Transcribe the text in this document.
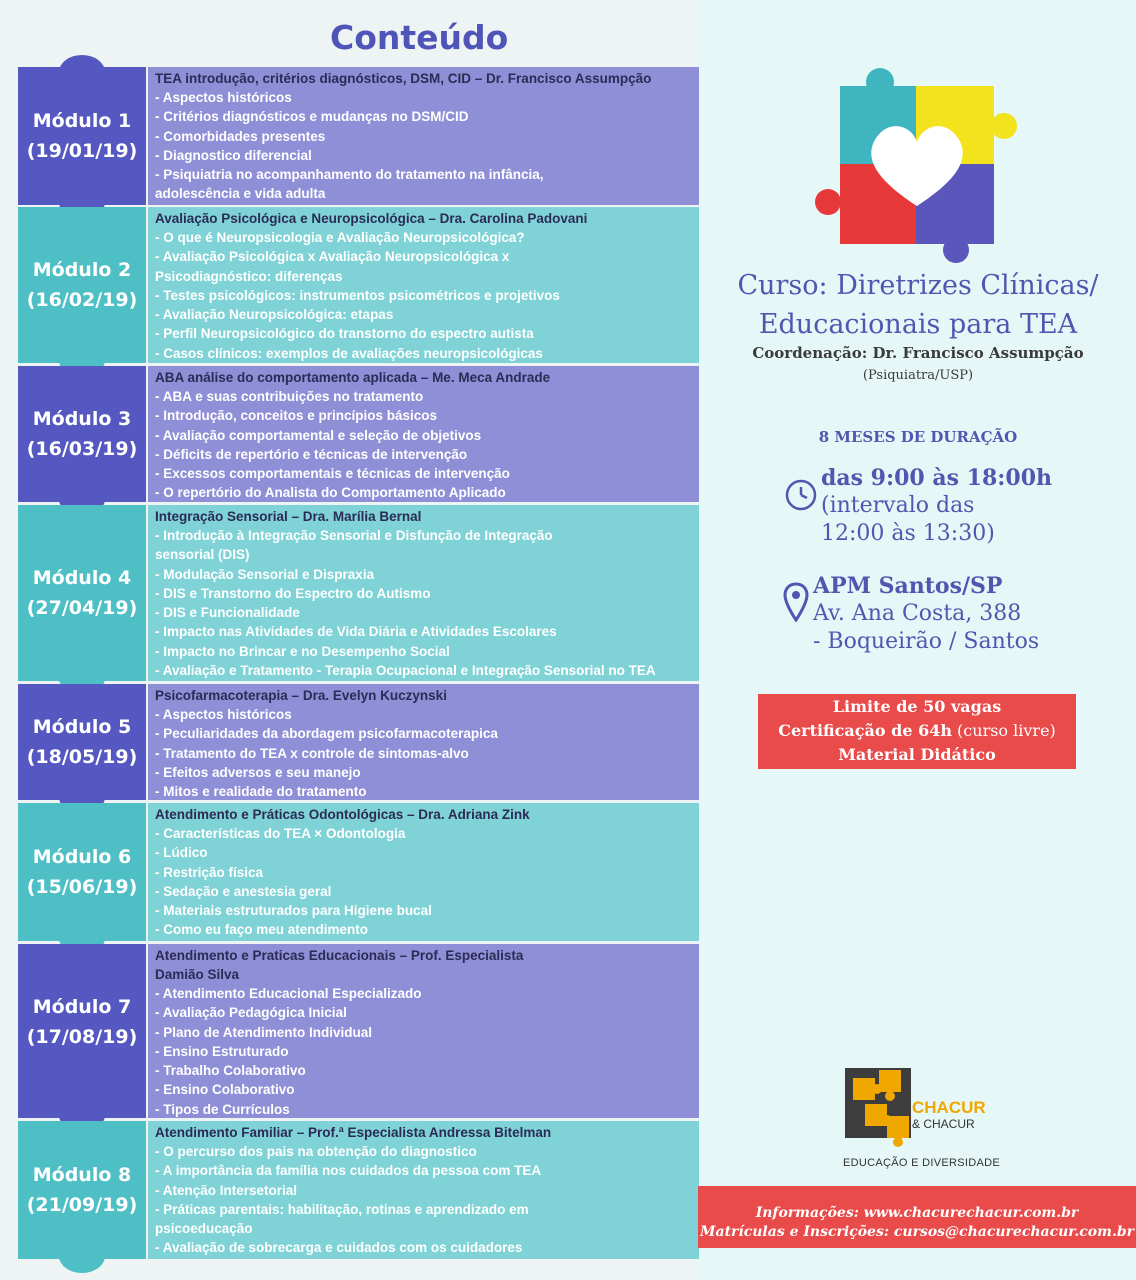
Conteúdo
Módulo 1
(19/01/19)
TEA introdução, critérios diagnósticos, DSM, CID – Dr. Francisco Assumpção
- Aspectos históricos
- Critérios diagnósticos e mudanças no DSM/CID
- Comorbidades presentes
- Diagnostico diferencial
- Psiquiatria no acompanhamento do tratamento na infância,
adolescência e vida adulta
Módulo 2
(16/02/19)
Avaliação Psicológica e Neuropsicológica – Dra. Carolina Padovani
- O que é Neuropsicologia e Avaliação Neuropsicológica?
- Avaliação Psicológica x Avaliação Neuropsicológica x
Psicodiagnóstico: diferenças
- Testes psicológicos: instrumentos psicométricos e projetivos
- Avaliação Neuropsicológica: etapas
- Perfil Neuropsicológico do transtorno do espectro autista
- Casos clínicos: exemplos de avaliações neuropsicológicas
Módulo 3
(16/03/19)
ABA análise do comportamento aplicada – Me. Meca Andrade
- ABA e suas contribuições no tratamento
- Introdução, conceitos e princípios básicos
- Avaliação comportamental e seleção de objetivos
- Déficits de repertório e técnicas de intervenção
- Excessos comportamentais e técnicas de intervenção
- O repertório do Analista do Comportamento Aplicado
Módulo 4
(27/04/19)
Integração Sensorial – Dra. Marília Bernal
- Introdução à Integração Sensorial e Disfunção de Integração
sensorial (DIS)
- Modulação Sensorial e Dispraxia
- DIS e Transtorno do Espectro do Autismo
- DIS e Funcionalidade
- Impacto nas Atividades de Vida Diária e Atividades Escolares
- Impacto no Brincar e no Desempenho Social
- Avaliação e Tratamento - Terapia Ocupacional e Integração Sensorial no TEA
Módulo 5
(18/05/19)
Psicofarmacoterapia – Dra. Evelyn Kuczynski
- Aspectos históricos
- Peculiaridades da abordagem psicofarmacoterapica
- Tratamento do TEA x controle de sintomas-alvo
- Efeitos adversos e seu manejo
- Mitos e realidade do tratamento
Módulo 6
(15/06/19)
Atendimento e Práticas Odontológicas – Dra. Adriana Zink
- Características do TEA × Odontologia
- Lúdico
- Restrição física
- Sedação e anestesia geral
- Materiais estruturados para Higiene bucal
- Como eu faço meu atendimento
Módulo 7
(17/08/19)
Atendimento e Praticas Educacionais – Prof. Especialista
Damião Silva
- Atendimento Educacional Especializado
- Avaliação Pedagógica Inicial
- Plano de Atendimento Individual
- Ensino Estruturado
- Trabalho Colaborativo
- Ensino Colaborativo
- Tipos de Currículos
Módulo 8
(21/09/19)
Atendimento Familiar – Prof.ª Especialista Andressa Bitelman
- O percurso dos pais na obtenção do diagnostico
- A importância da família nos cuidados da pessoa com TEA
- Atenção Intersetorial
- Práticas parentais: habilitação, rotinas e aprendizado em
psicoeducação
- Avaliação de sobrecarga e cuidados com os cuidadores
Curso: Diretrizes Clínicas/
Educacionais para TEA
Coordenação: Dr. Francisco Assumpção
(Psiquiatra/USP)
8 MESES DE DURAÇÃO
das 9:00 às 18:00h
(intervalo das
12:00 às 13:30)
APM Santos/SP
Av. Ana Costa, 388
- Boqueirão / Santos
Limite de 50 vagas
Certificação de 64h (curso livre)
Material Didático
CHACUR
& CHACUR
EDUCAÇÃO E DIVERSIDADE
Informações: www.chacurechacur.com.br
Matrículas e Inscrições: cursos@chacurechacur.com.br
